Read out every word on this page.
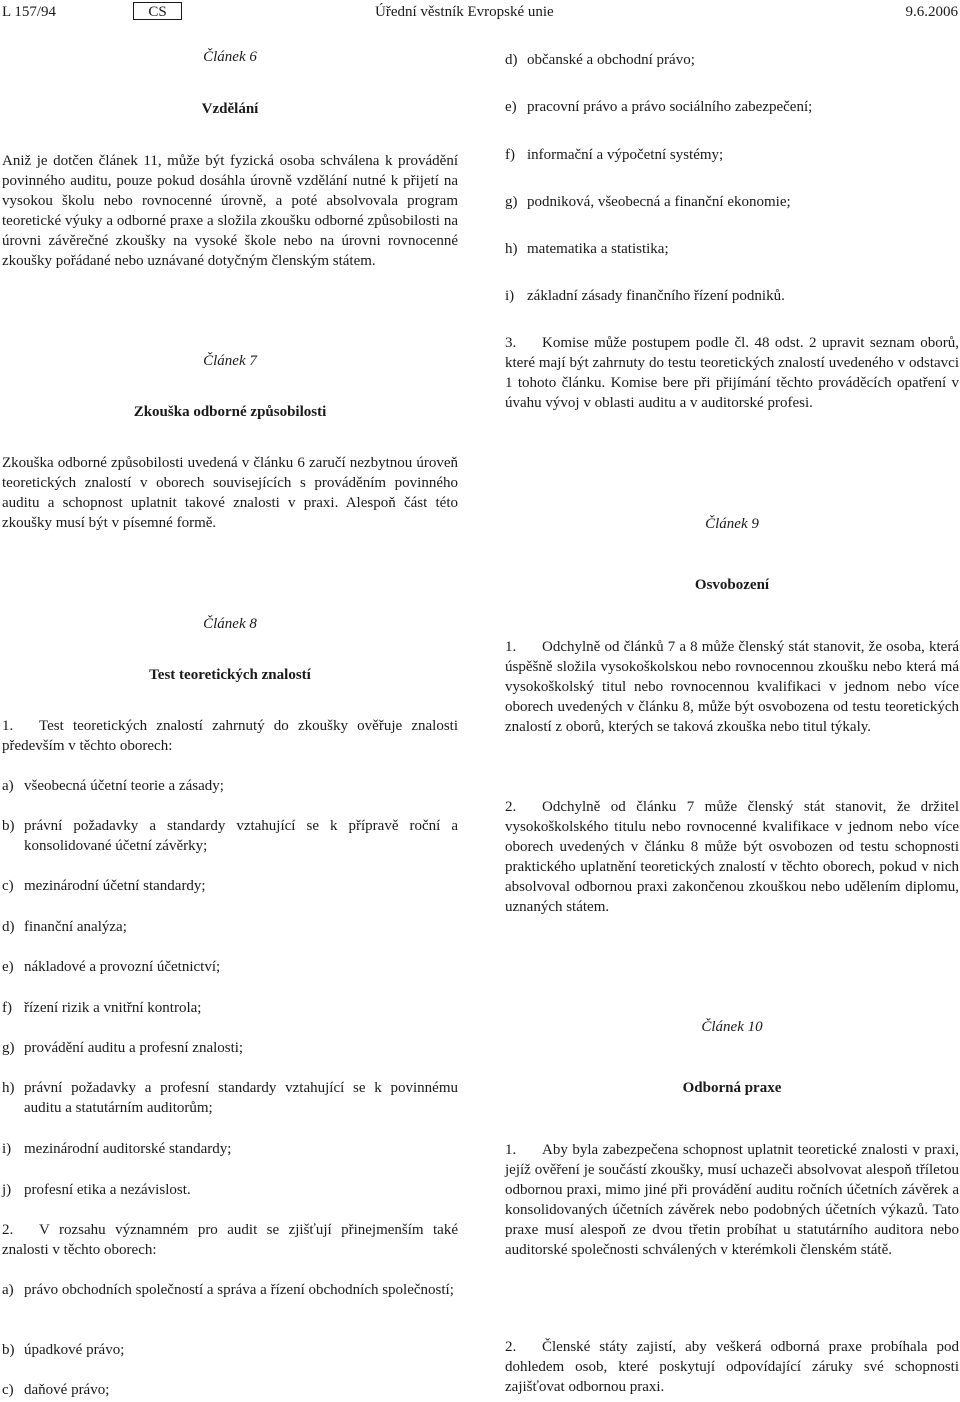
L 157/94	CS	Úřední věstník Evropské unie	9.6.2006

Článek 6

Vzdělání

Aniž je dotčen článek 11, může být fyzická osoba schválena k provádění povinného auditu, pouze pokud dosáhla úrovně vzdělání nutné k přijetí na vysokou školu nebo rovnocenné úrovně, a poté absolvovala program teoretické výuky a odborné praxe a složila zkoušku odborné způsobilosti na úrovni závěrečné zkoušky na vysoké škole nebo na úrovni rovnocenné zkoušky pořádané nebo uznávané dotyčným členským státem.

Článek 7

Zkouška odborné způsobilosti

Zkouška odborné způsobilosti uvedená v článku 6 zaručí nezbytnou úroveň teoretických znalostí v oborech souvisejících s prováděním povinného auditu a schopnost uplatnit takové znalosti v praxi. Alespoň část této zkoušky musí být v písemné formě.

Článek 8

Test teoretických znalostí

1. Test teoretických znalostí zahrnutý do zkoušky ověřuje znalosti především v těchto oborech:

a) všeobecná účetní teorie a zásady;
b) právní požadavky a standardy vztahující se k přípravě roční a konsolidované účetní závěrky;
c) mezinárodní účetní standardy;
d) finanční analýza;
e) nákladové a provozní účetnictví;
f) řízení rizik a vnitřní kontrola;
g) provádění auditu a profesní znalosti;
h) právní požadavky a profesní standardy vztahující se k povinnému auditu a statutárním auditorům;
i) mezinárodní auditorské standardy;
j) profesní etika a nezávislost.

2. V rozsahu významném pro audit se zjišťují přinejmenším také znalosti v těchto oborech:

a) právo obchodních společností a správa a řízení obchodních společností;
b) úpadkové právo;
c) daňové právo;
d) občanské a obchodní právo;
e) pracovní právo a právo sociálního zabezpečení;
f) informační a výpočetní systémy;
g) podniková, všeobecná a finanční ekonomie;
h) matematika a statistika;
i) základní zásady finančního řízení podniků.

3. Komise může postupem podle čl. 48 odst. 2 upravit seznam oborů, které mají být zahrnuty do testu teoretických znalostí uvedeného v odstavci 1 tohoto článku. Komise bere při přijímání těchto prováděcích opatření v úvahu vývoj v oblasti auditu a v auditorské profesi.

Článek 9

Osvobození

1. Odchylně od článků 7 a 8 může členský stát stanovit, že osoba, která úspěšně složila vysokoškolskou nebo rovnocennou zkoušku nebo která má vysokoškolský titul nebo rovnocennou kvalifikaci v jednom nebo více oborech uvedených v článku 8, může být osvobozena od testu teoretických znalostí z oborů, kterých se taková zkouška nebo titul týkaly.

2. Odchylně od článku 7 může členský stát stanovit, že držitel vysokoškolského titulu nebo rovnocenné kvalifikace v jednom nebo více oborech uvedených v článku 8 může být osvobozen od testu schopnosti praktického uplatnění teoretických znalostí v těchto oborech, pokud v nich absolvoval odbornou praxi zakončenou zkouškou nebo udělením diplomu, uznaných státem.

Článek 10

Odborná praxe

1. Aby byla zabezpečena schopnost uplatnit teoretické znalosti v praxi, jejíž ověření je součástí zkoušky, musí uchazeči absolvovat alespoň tříletou odbornou praxi, mimo jiné při provádění auditu ročních účetních závěrek a konsolidovaných účetních závěrek nebo podobných účetních výkazů. Tato praxe musí alespoň ze dvou třetin probíhat u statutárního auditora nebo auditorské společnosti schválených v kterémkoli členském státě.

2. Členské státy zajistí, aby veškerá odborná praxe probíhala pod dohledem osob, které poskytují odpovídající záruky své schopnosti zajišťovat odbornou praxi.
